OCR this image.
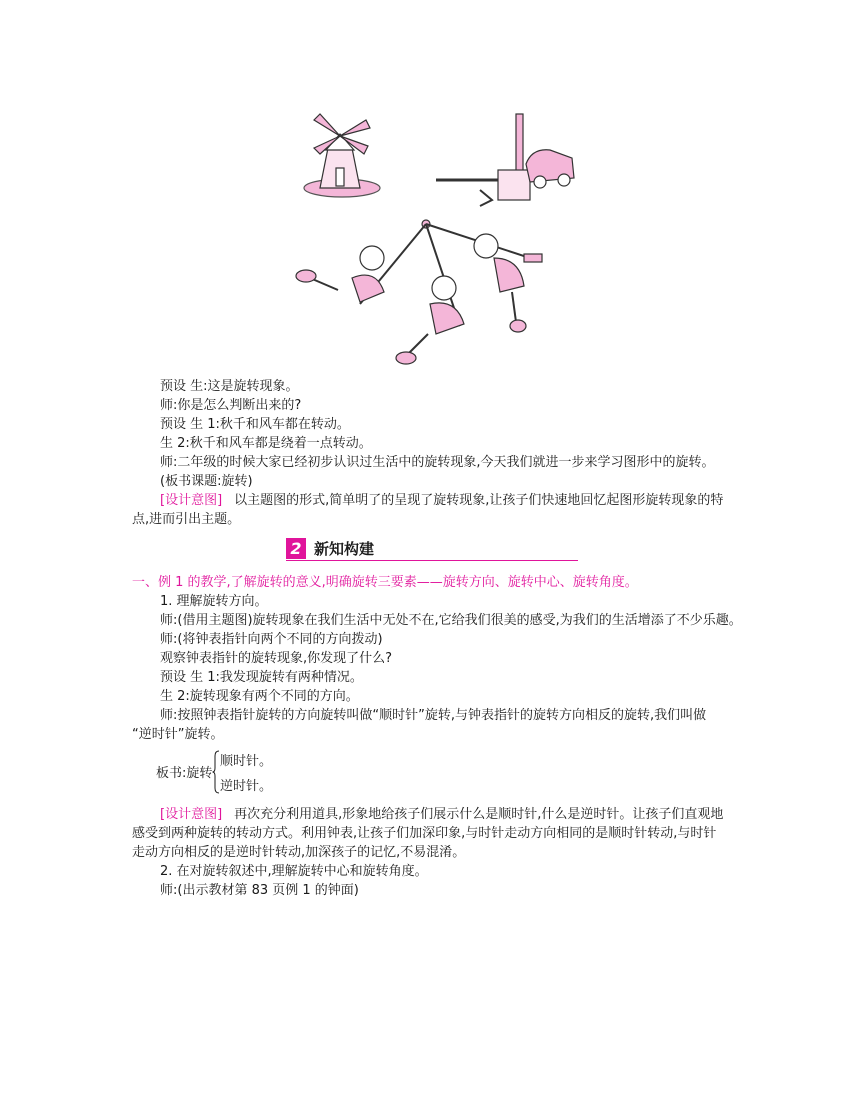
预设 生:这是旋转现象。
师:你是怎么判断出来的?
预设 生 1:秋千和风车都在转动。
生 2:秋千和风车都是绕着一点转动。
师:二年级的时候大家已经初步认识过生活中的旋转现象,今天我们就进一步来学习图形中的旋转。
(板书课题:旋转)
[设计意图] 以主题图的形式,简单明了的呈现了旋转现象,让孩子们快速地回忆起图形旋转现象的特
点,进而引出主题。
2 新知构建
一、例 1 的教学,了解旋转的意义,明确旋转三要素——旋转方向、旋转中心、旋转角度。
1. 理解旋转方向。
师:(借用主题图)旋转现象在我们生活中无处不在,它给我们很美的感受,为我们的生活增添了不少乐趣。
师:(将钟表指针向两个不同的方向拨动)
观察钟表指针的旋转现象,你发现了什么?
预设 生 1:我发现旋转有两种情况。
生 2:旋转现象有两个不同的方向。
师:按照钟表指针旋转的方向旋转叫做“顺时针”旋转,与钟表指针的旋转方向相反的旋转,我们叫做
“逆时针”旋转。
板书:旋转
顺时针。
逆时针。
[设计意图] 再次充分利用道具,形象地给孩子们展示什么是顺时针,什么是逆时针。让孩子们直观地
感受到两种旋转的转动方式。利用钟表,让孩子们加深印象,与时针走动方向相同的是顺时针转动,与时针
走动方向相反的是逆时针转动,加深孩子的记忆,不易混淆。
2. 在对旋转叙述中,理解旋转中心和旋转角度。
师:(出示教材第 83 页例 1 的钟面)
